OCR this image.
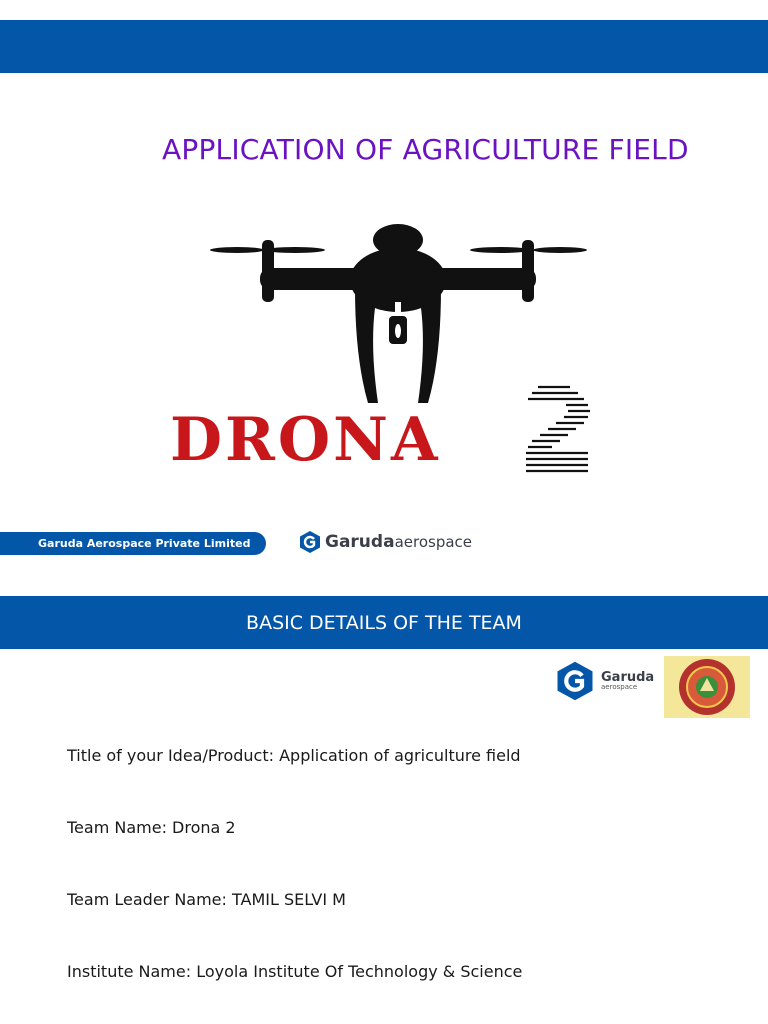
APPLICATION OF AGRICULTURE FIELD

DRONA

Garuda Aerospace Private Limited	Garuda aerospace
BASIC DETAILS OF THE TEAM
Garuda
aerospace

Title of your Idea/Product: Application of agriculture field

Team Name: Drona 2

Team Leader Name: TAMIL SELVI M

Institute Name: Loyola Institute Of Technology & Science
